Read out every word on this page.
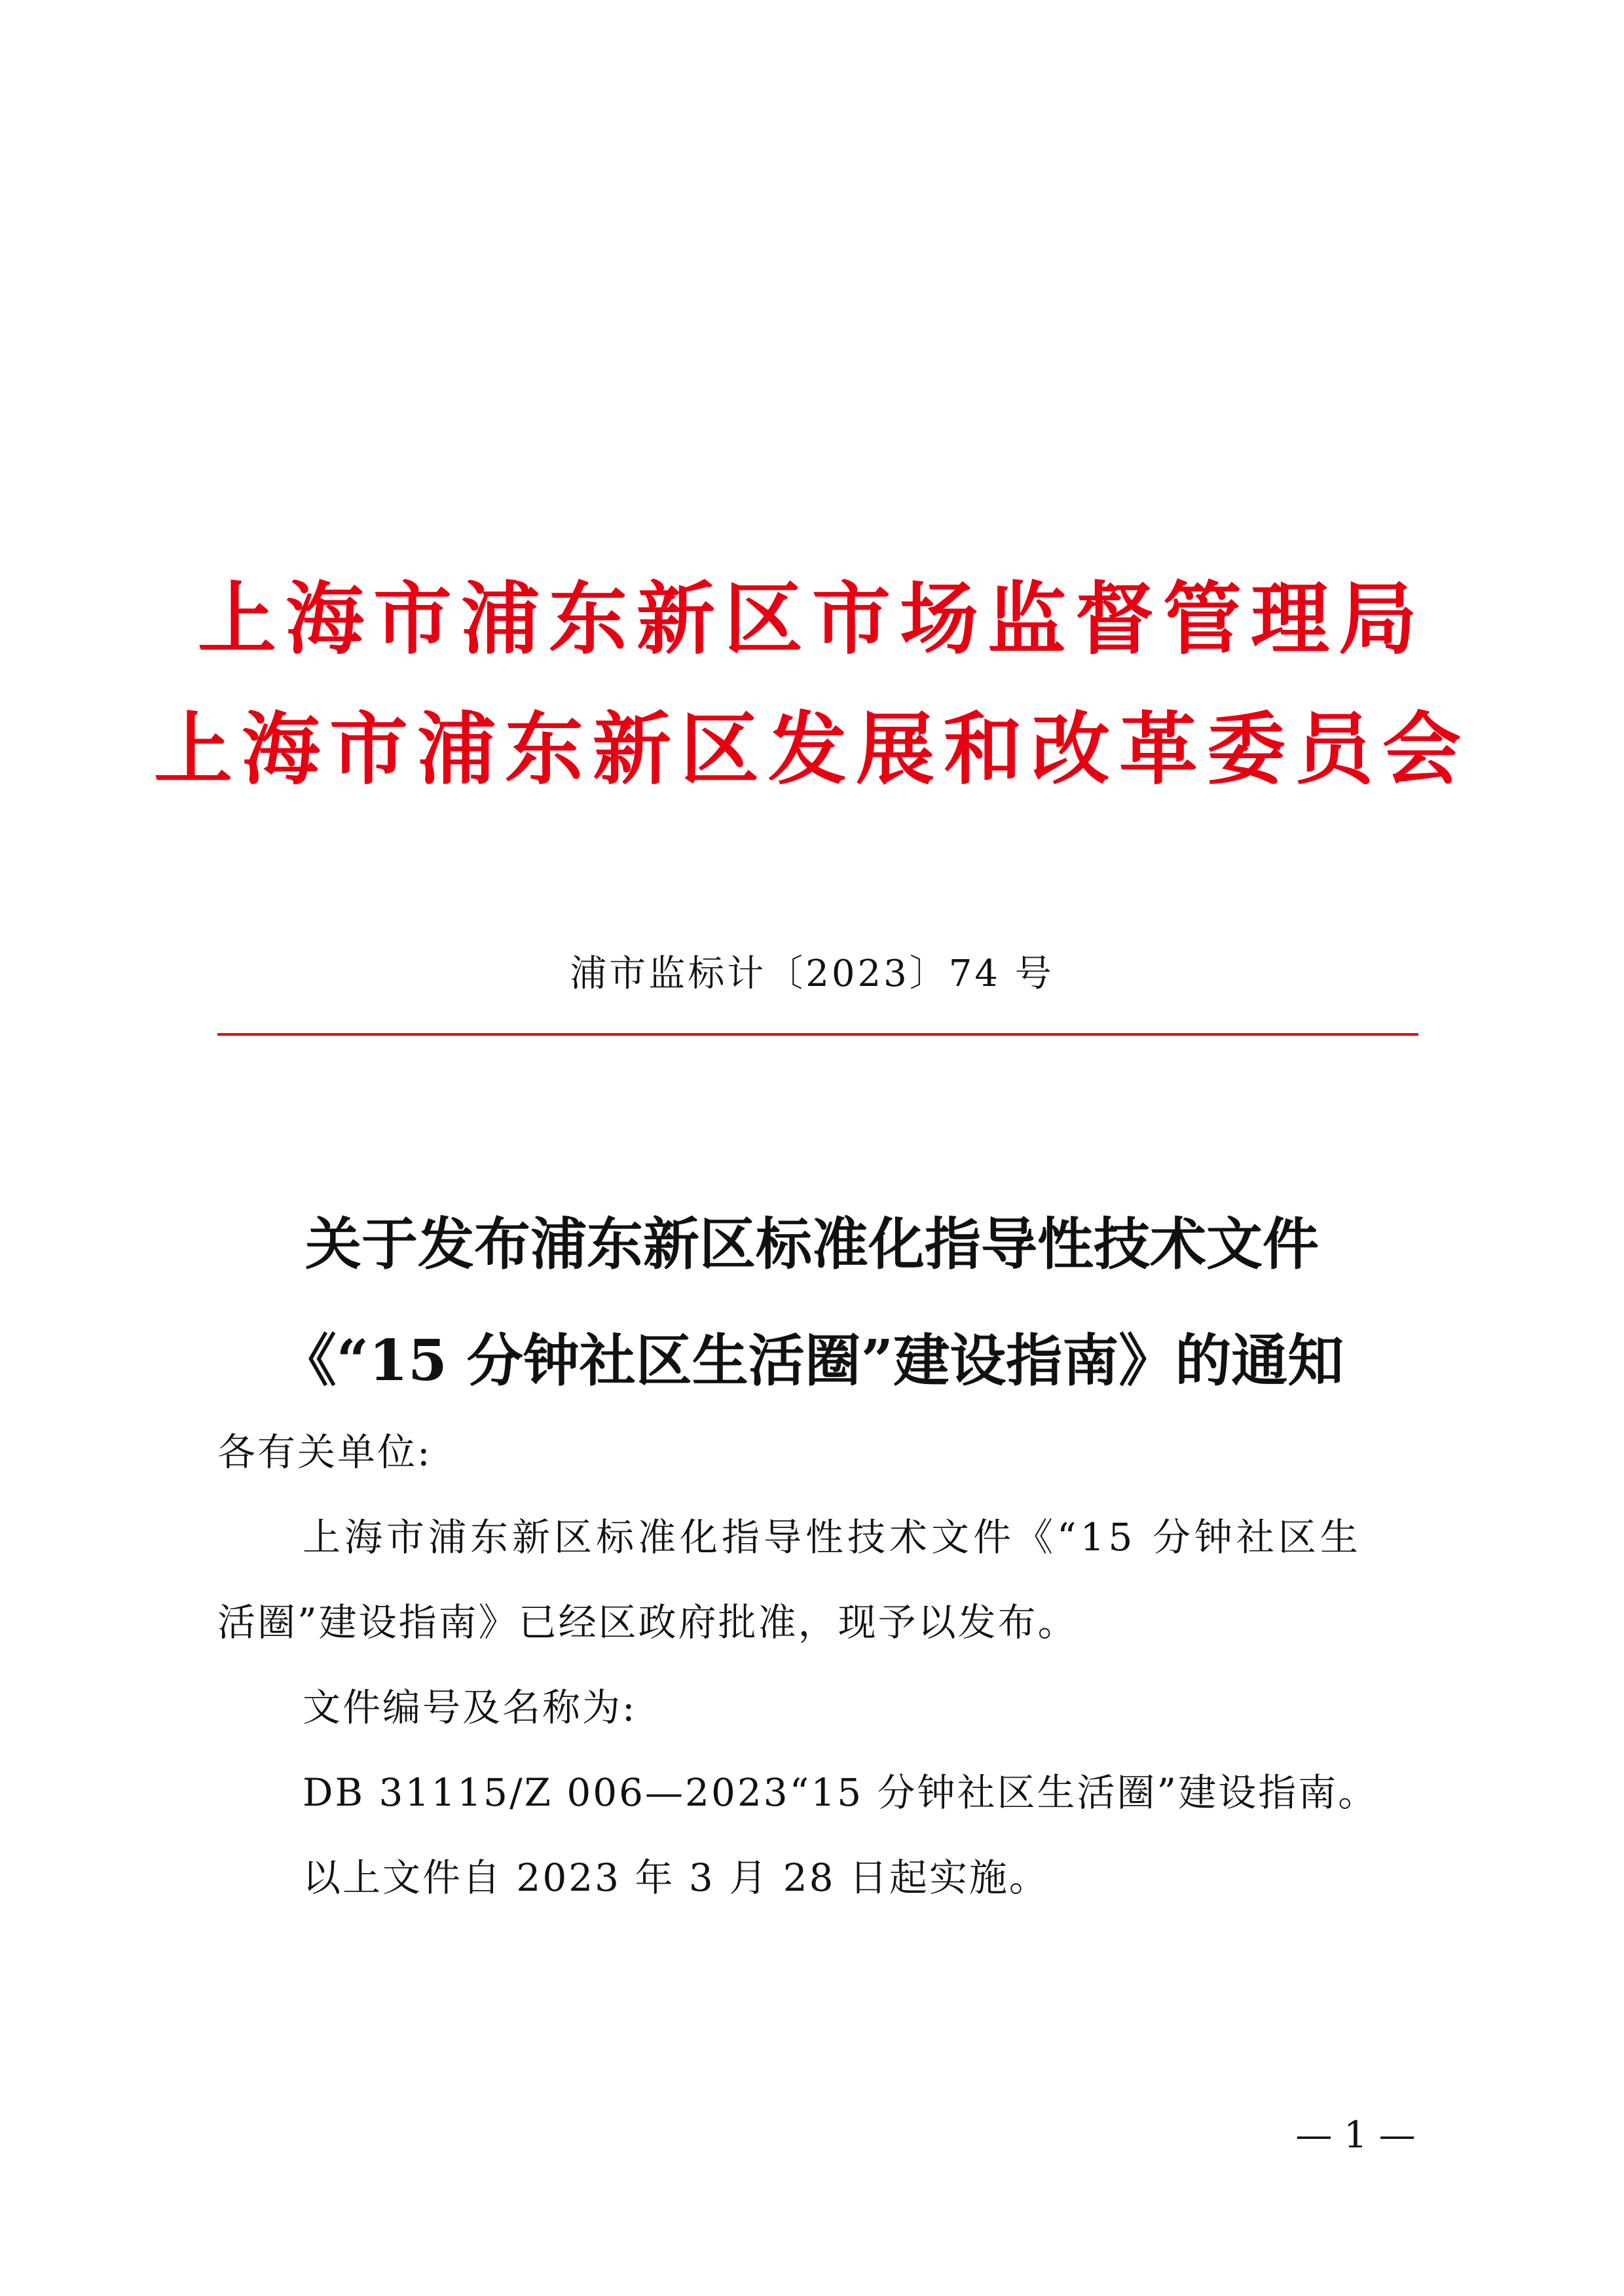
上海市浦东新区市场监督管理局
上海市浦东新区发展和改革委员会
浦市监标计〔2023〕74 号
关于发布浦东新区标准化指导性技术文件
《“15 分钟社区生活圈”建设指南》的通知
各有关单位:
上海市浦东新区标准化指导性技术文件《“15 分钟社区生
活圈”建设指南》已经区政府批准，现予以发布。
文件编号及名称为:
DB 31115/Z 006—2023“15 分钟社区生活圈”建设指南。
以上文件自 2023 年 3 月 28 日起实施。
— 1 —
